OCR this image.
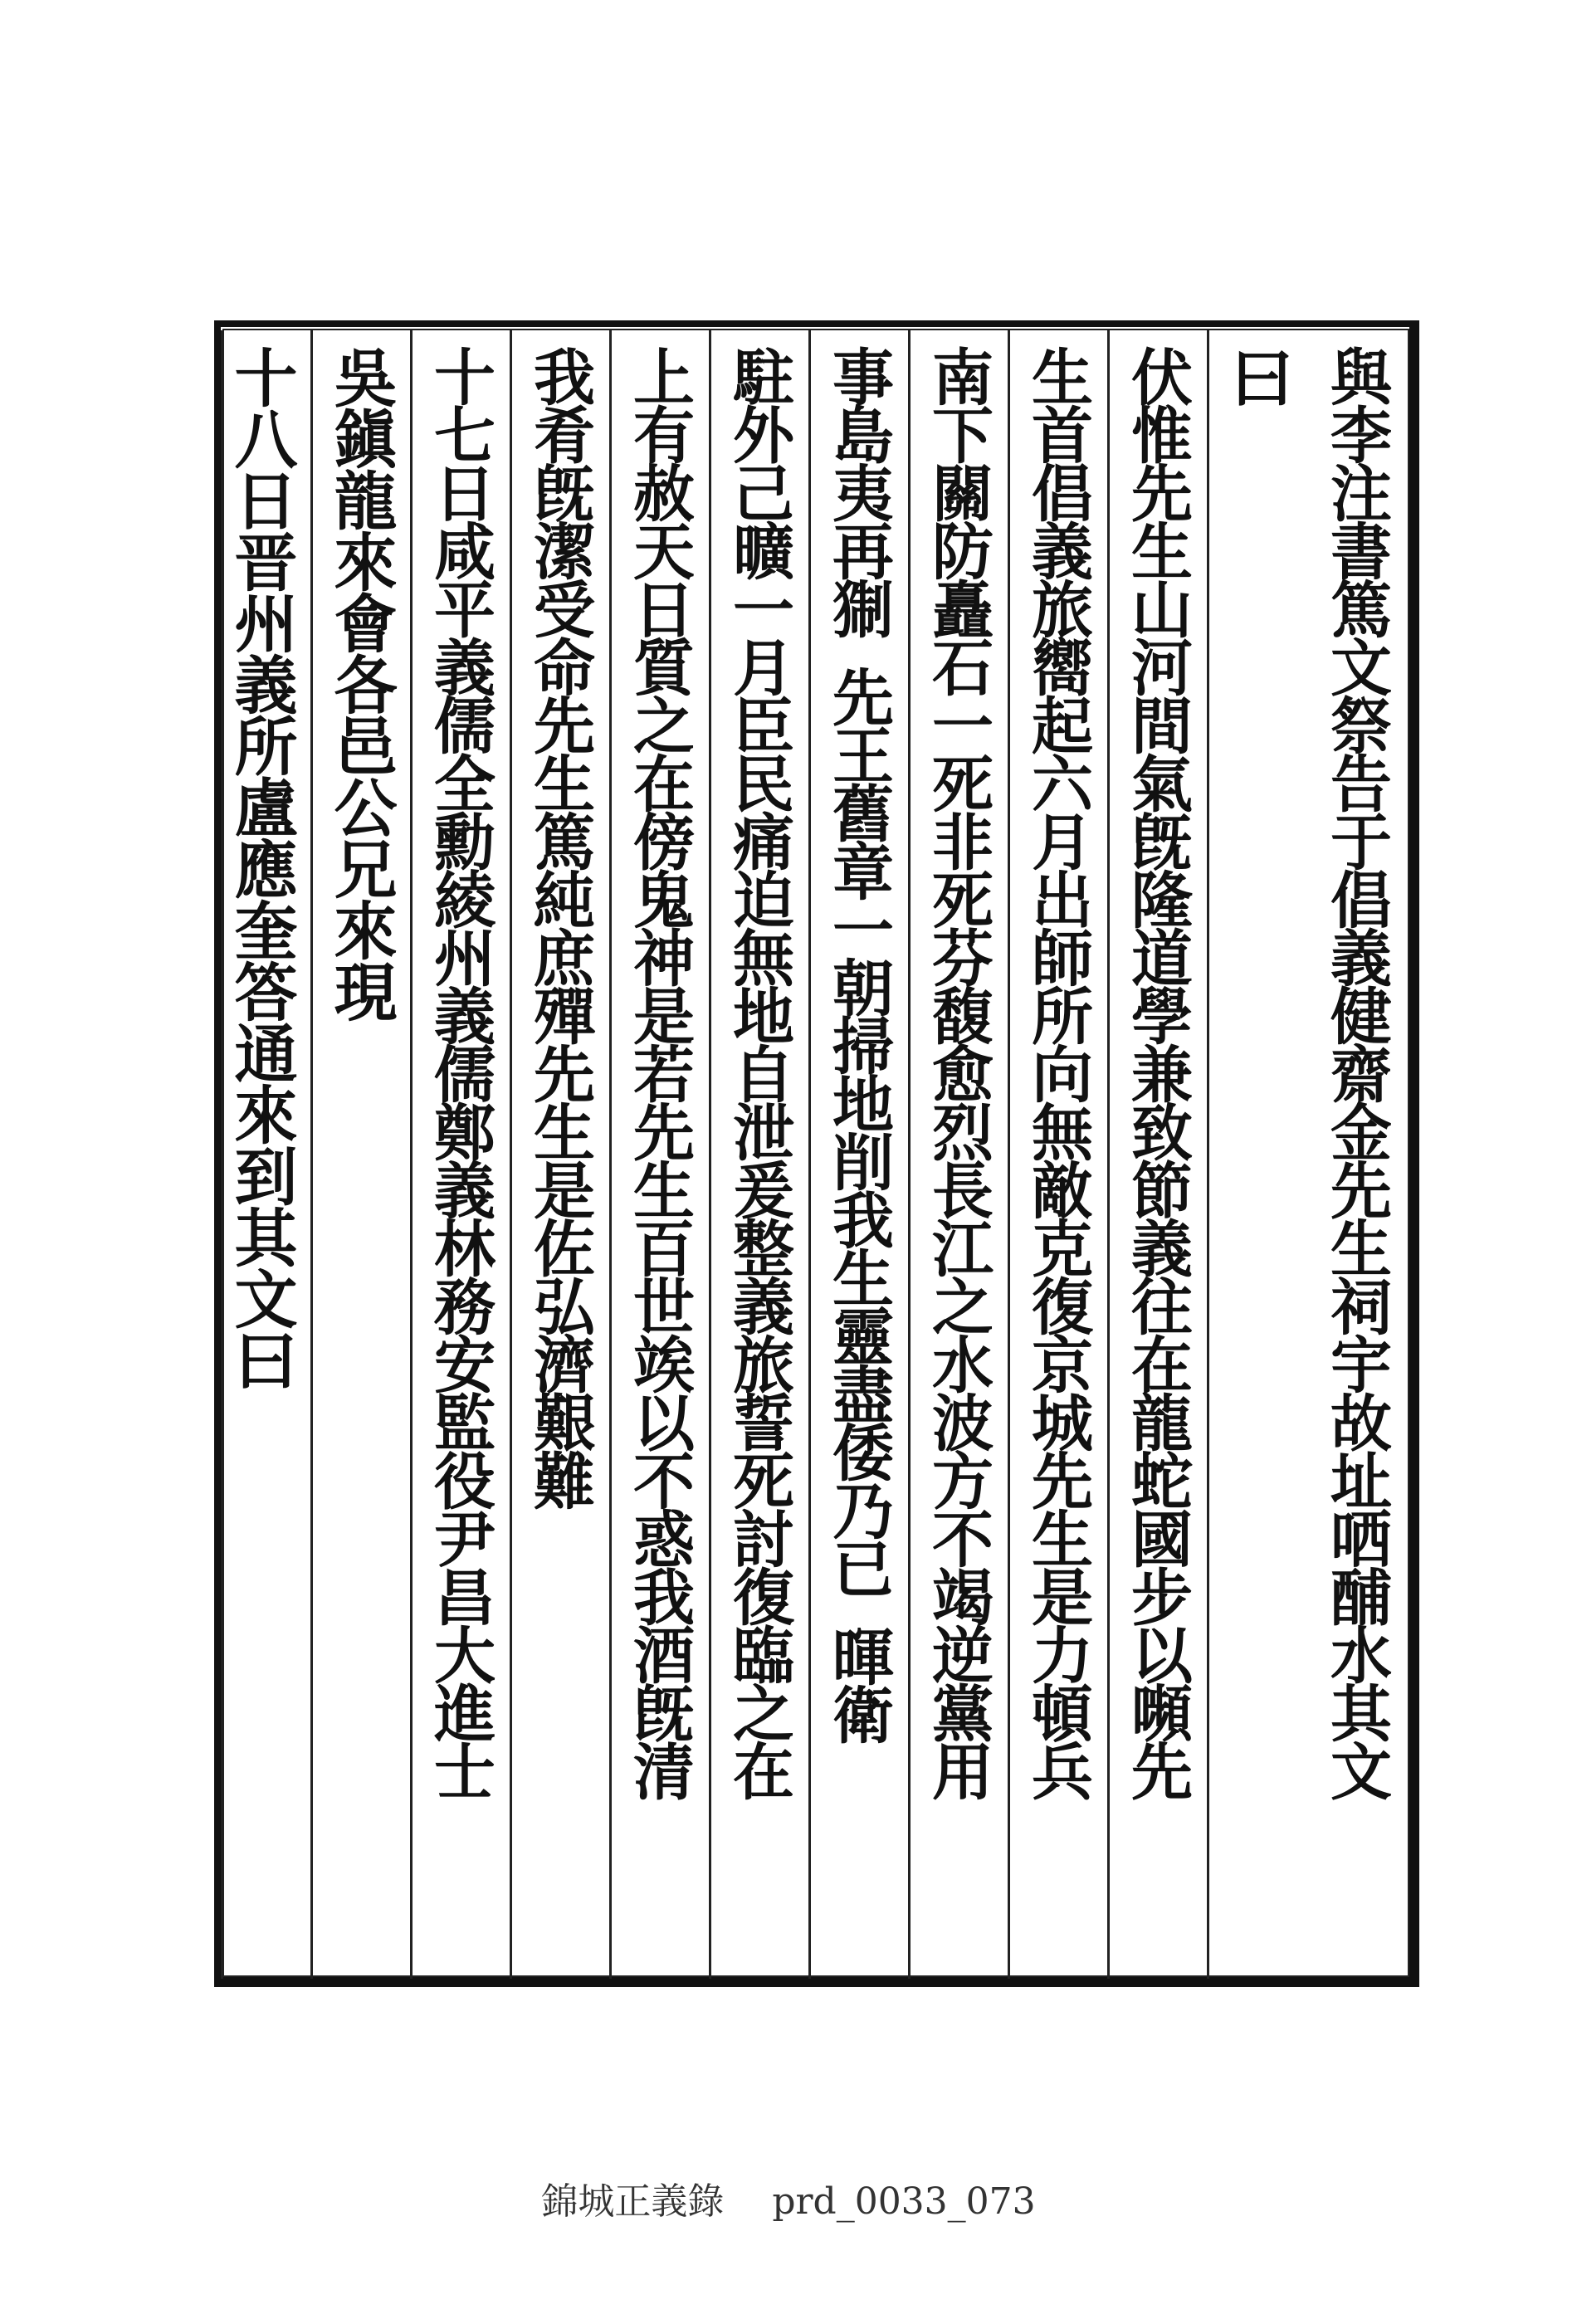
與李注書篤文祭告于倡義健齋金先生祠宇故址哂酺水其文
曰
伏惟先生山河間氣旣隆道學兼致節義往在龍蛇國步以嚬先
生首倡義旅嚮起六月出師所向無敵克復京城先生是力頓兵
南下關防矗石一死非死芬馥愈烈長江之水波方不竭逆黨用
事島夷再猘先王舊章一朝掃地削我生靈盡倭乃已暉衛
駐外己曠一月臣民痛迫無地自泄爰整義旅誓死討復臨之在
上有赦天日質之在傍鬼神是若先生百世竢以不惑我酒旣清
我肴旣潔受命先生篤純庶殫先生是佐弘濟艱難
十七日咸平義儒全勳綾州義儒鄭義林務安監役尹昌大進士
吳鎭龍來會各邑公兄來現
十八日晋州義所盧應奎答通來到其文曰
錦城正義錄 prd_0033_073
